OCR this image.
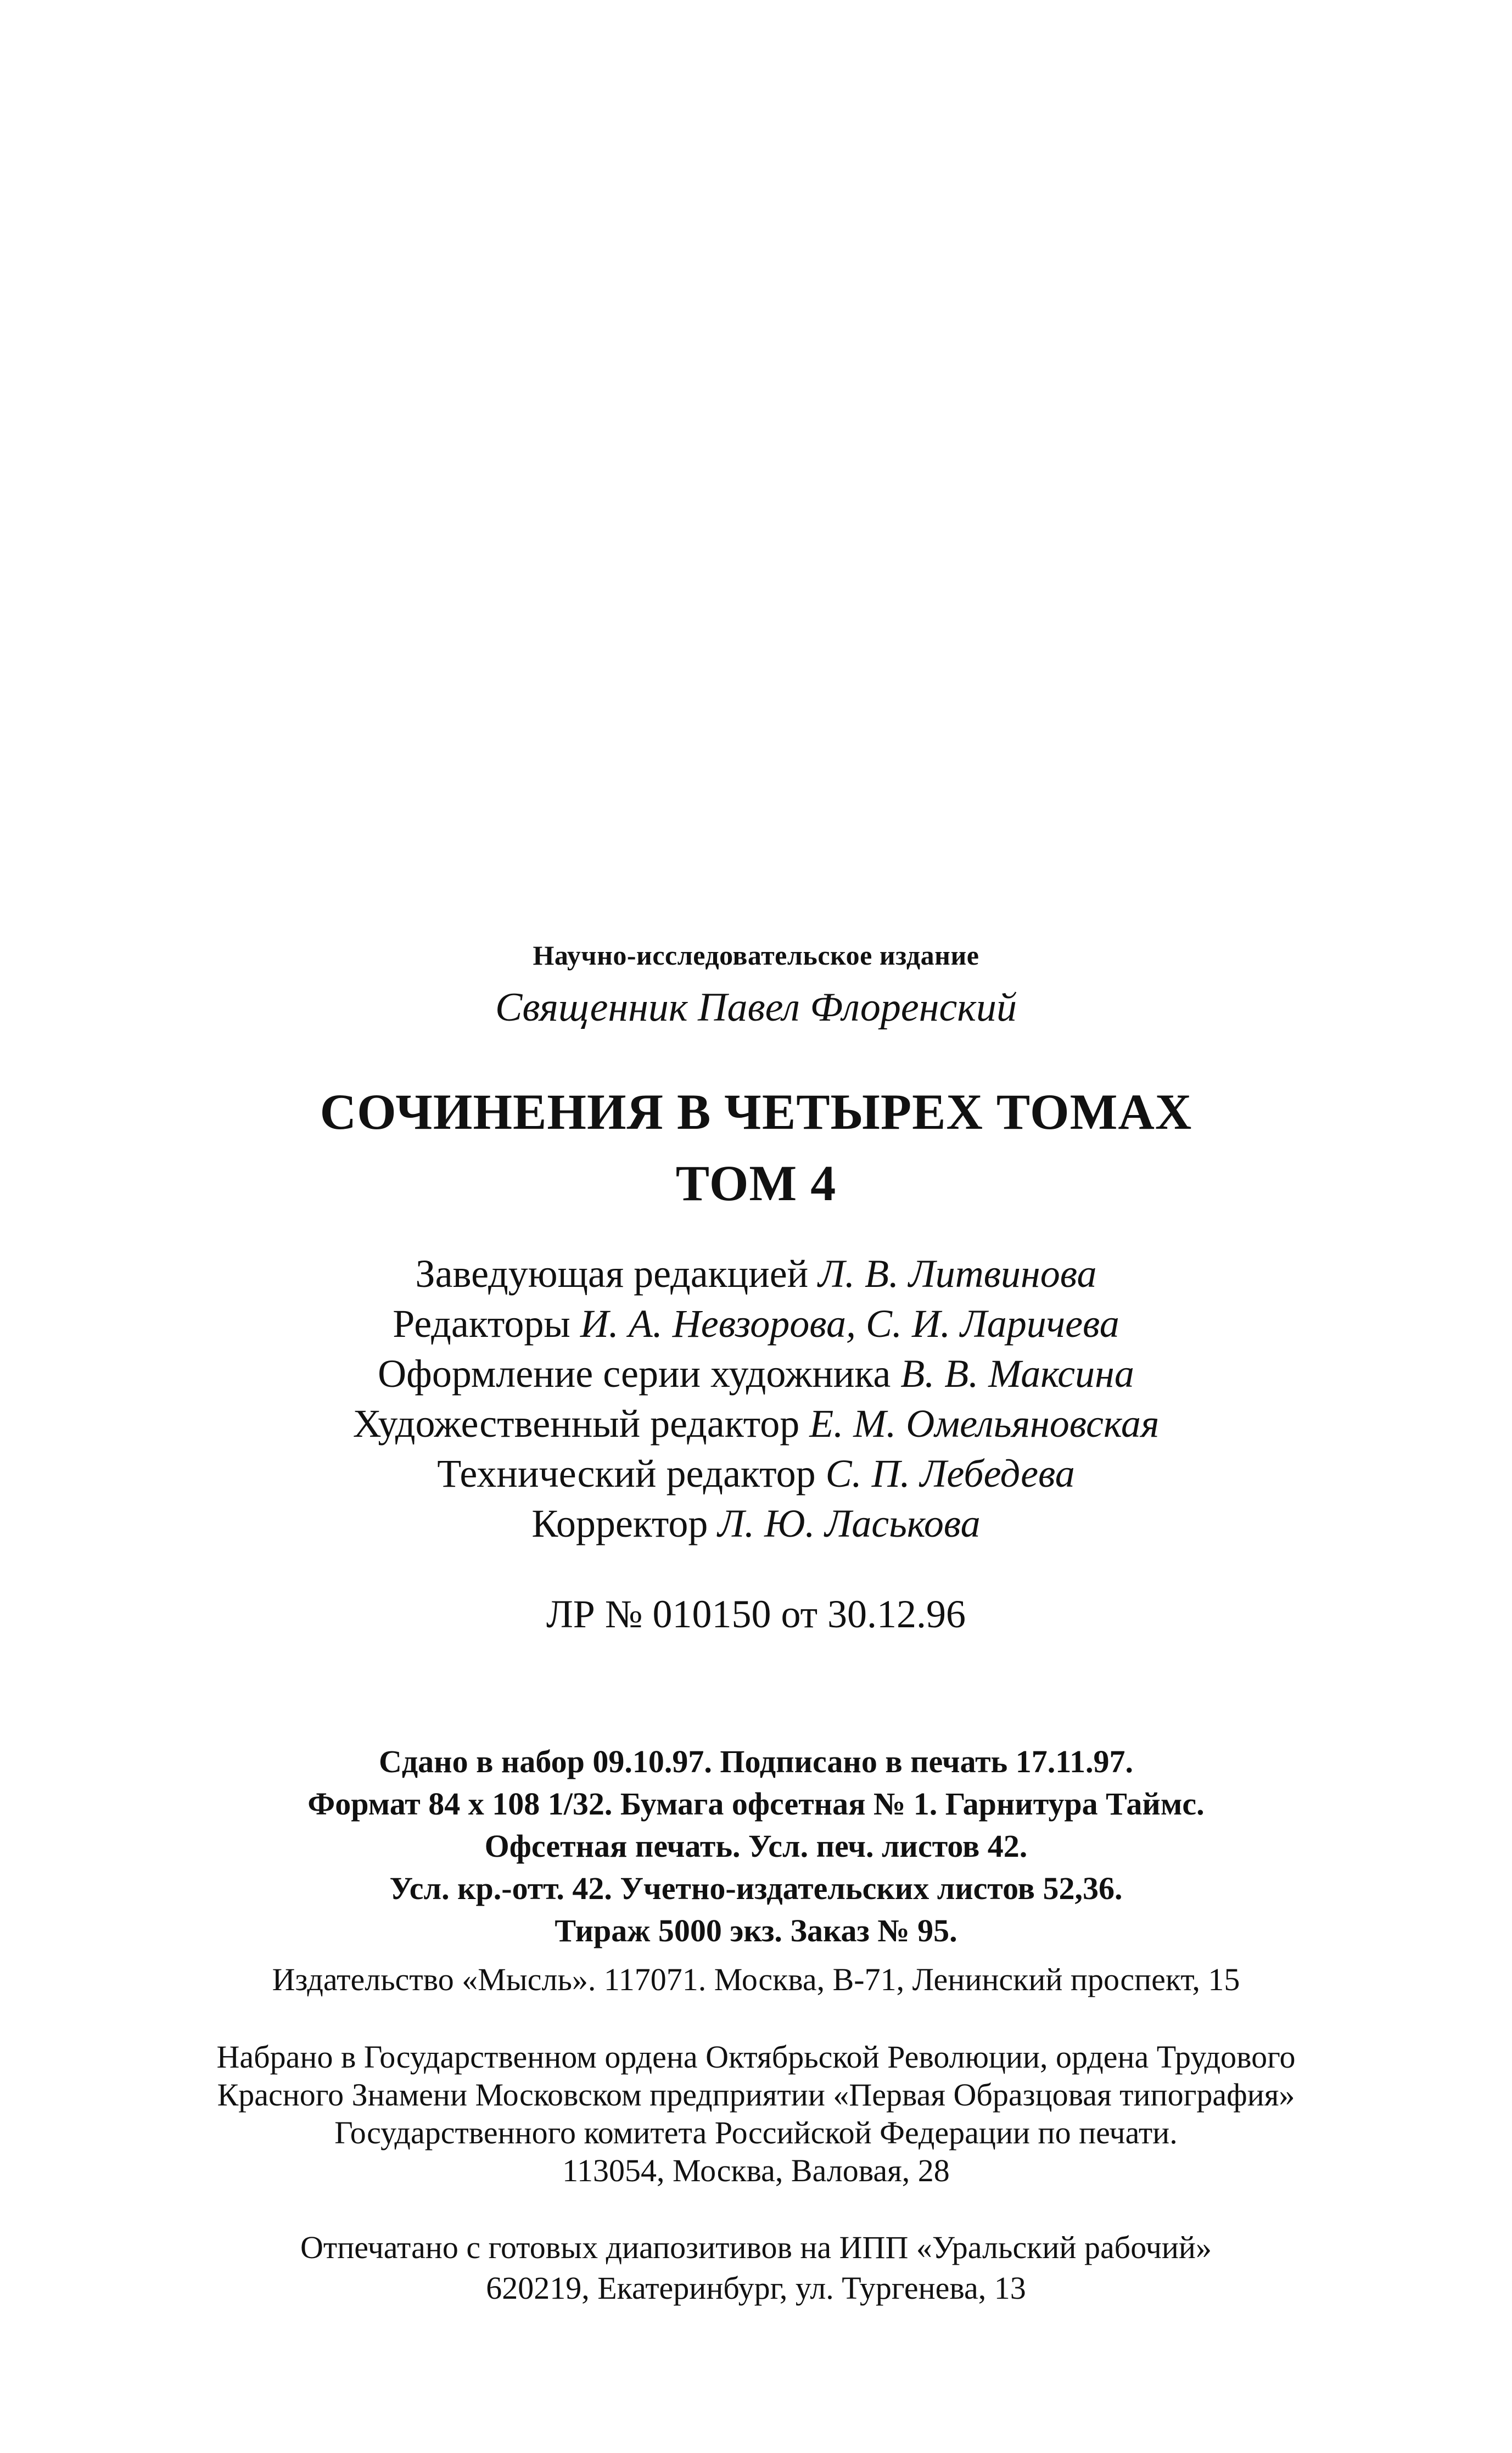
Научно-исследовательское издание
Священник Павел Флоренский
СОЧИНЕНИЯ В ЧЕТЫРЕХ ТОМАХ
ТОМ 4
Заведующая редакцией Л. В. Литвинова
Редакторы И. А. Невзорова, С. И. Ларичева
Оформление серии художника В. В. Максина
Художественный редактор Е. М. Омельяновская
Технический редактор С. П. Лебедева
Корректор Л. Ю. Ласькова
ЛР № 010150 от 30.12.96
Сдано в набор 09.10.97. Подписано в печать 17.11.97.
Формат 84 x 108 1/32. Бумага офсетная № 1. Гарнитура Таймс.
Офсетная печать. Усл. печ. листов 42.
Усл. кр.-отт. 42. Учетно-издательских листов 52,36.
Тираж 5000 экз. Заказ № 95.
Издательство «Мысль». 117071. Москва, В-71, Ленинский проспект, 15
Набрано в Государственном ордена Октябрьской Революции, ордена Трудового
Красного Знамени Московском предприятии «Первая Образцовая типография»
Государственного комитета Российской Федерации по печати.
113054, Москва, Валовая, 28
Отпечатано с готовых диапозитивов на ИПП «Уральский рабочий»
620219, Екатеринбург, ул. Тургенева, 13
